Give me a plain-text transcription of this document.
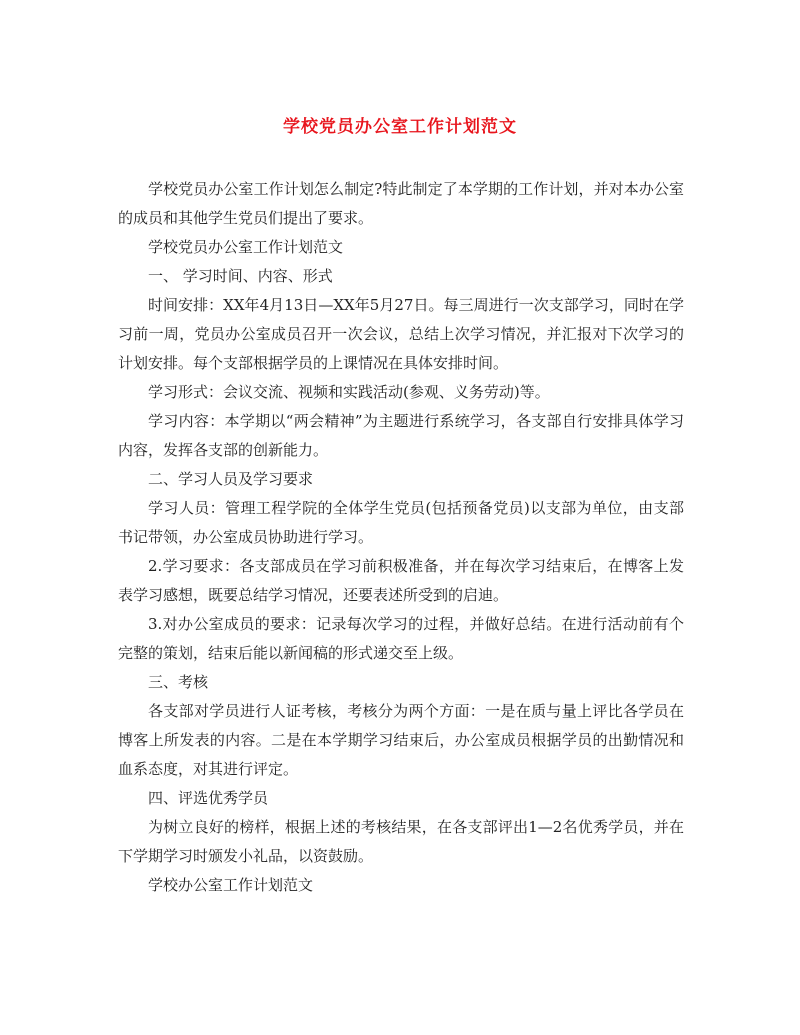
学校党员办公室工作计划范文

学校党员办公室工作计划怎么制定?特此制定了本学期的工作计划，并对本办公室的成员和其他学生党员们提出了要求。

学校党员办公室工作计划范文

一、 学习时间、内容、形式

时间安排：XX年4月13日—XX年5月27日。每三周进行一次支部学习，同时在学习前一周，党员办公室成员召开一次会议，总结上次学习情况，并汇报对下次学习的计划安排。每个支部根据学员的上课情况在具体安排时间。

学习形式：会议交流、视频和实践活动(参观、义务劳动)等。

学习内容：本学期以“两会精神”为主题进行系统学习，各支部自行安排具体学习内容，发挥各支部的创新能力。

二、学习人员及学习要求

学习人员：管理工程学院的全体学生党员(包括预备党员)以支部为单位，由支部书记带领，办公室成员协助进行学习。

2.学习要求：各支部成员在学习前积极准备，并在每次学习结束后，在博客上发表学习感想，既要总结学习情况，还要表述所受到的启迪。

3.对办公室成员的要求：记录每次学习的过程，并做好总结。在进行活动前有个完整的策划，结束后能以新闻稿的形式递交至上级。

三、考核

各支部对学员进行人证考核，考核分为两个方面：一是在质与量上评比各学员在博客上所发表的内容。二是在本学期学习结束后，办公室成员根据学员的出勤情况和血系态度，对其进行评定。

四、评选优秀学员

为树立良好的榜样，根据上述的考核结果，在各支部评出1—2名优秀学员，并在下学期学习时颁发小礼品，以资鼓励。

学校办公室工作计划范文
